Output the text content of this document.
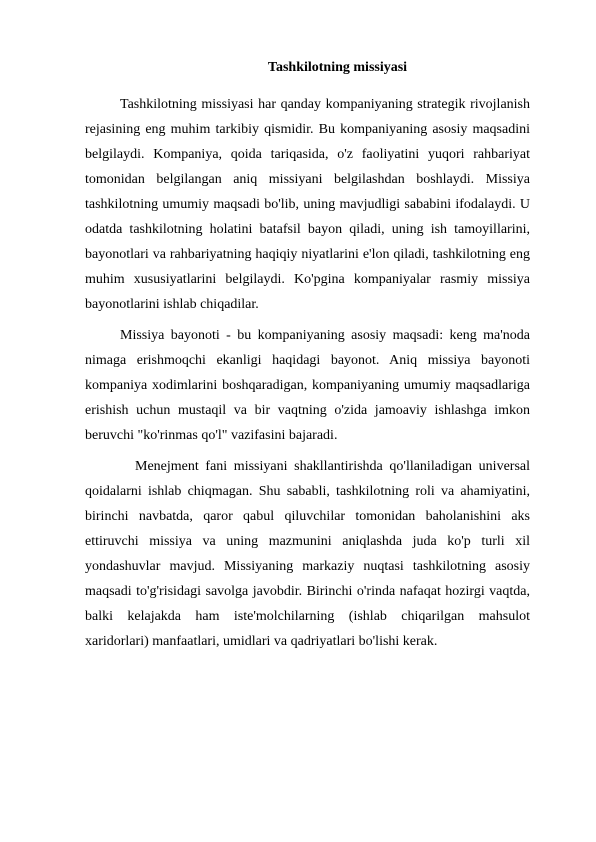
Tashkilotning missiyasi

Tashkilotning missiyasi har qanday kompaniyaning strategik rivojlanish rejasining eng muhim tarkibiy qismidir. Bu kompaniyaning asosiy maqsadini belgilaydi. Kompaniya, qoida tariqasida, o'z faoliyatini yuqori rahbariyat tomonidan belgilangan aniq missiyani belgilashdan boshlaydi. Missiya tashkilotning umumiy maqsadi bo'lib, uning mavjudligi sababini ifodalaydi. U odatda tashkilotning holatini batafsil bayon qiladi, uning ish tamoyillarini, bayonotlari va rahbariyatning haqiqiy niyatlarini e'lon qiladi, tashkilotning eng muhim xususiyatlarini belgilaydi. Ko'pgina kompaniyalar rasmiy missiya bayonotlarini ishlab chiqadilar.

Missiya bayonoti - bu kompaniyaning asosiy maqsadi: keng ma'noda nimaga erishmoqchi ekanligi haqidagi bayonot. Aniq missiya bayonoti kompaniya xodimlarini boshqaradigan, kompaniyaning umumiy maqsadlariga erishish uchun mustaqil va bir vaqtning o'zida jamoaviy ishlashga imkon beruvchi "ko'rinmas qo'l" vazifasini bajaradi.

Menejment fani missiyani shakllantirishda qo'llaniladigan universal qoidalarni ishlab chiqmagan. Shu sababli, tashkilotning roli va ahamiyatini, birinchi navbatda, qaror qabul qiluvchilar tomonidan baholanishini aks ettiruvchi missiya va uning mazmunini aniqlashda juda ko'p turli xil yondashuvlar mavjud. Missiyaning markaziy nuqtasi tashkilotning asosiy maqsadi to'g'risidagi savolga javobdir. Birinchi o'rinda nafaqat hozirgi vaqtda, balki kelajakda ham iste'molchilarning (ishlab chiqarilgan mahsulot xaridorlari) manfaatlari, umidlari va qadriyatlari bo'lishi kerak.
